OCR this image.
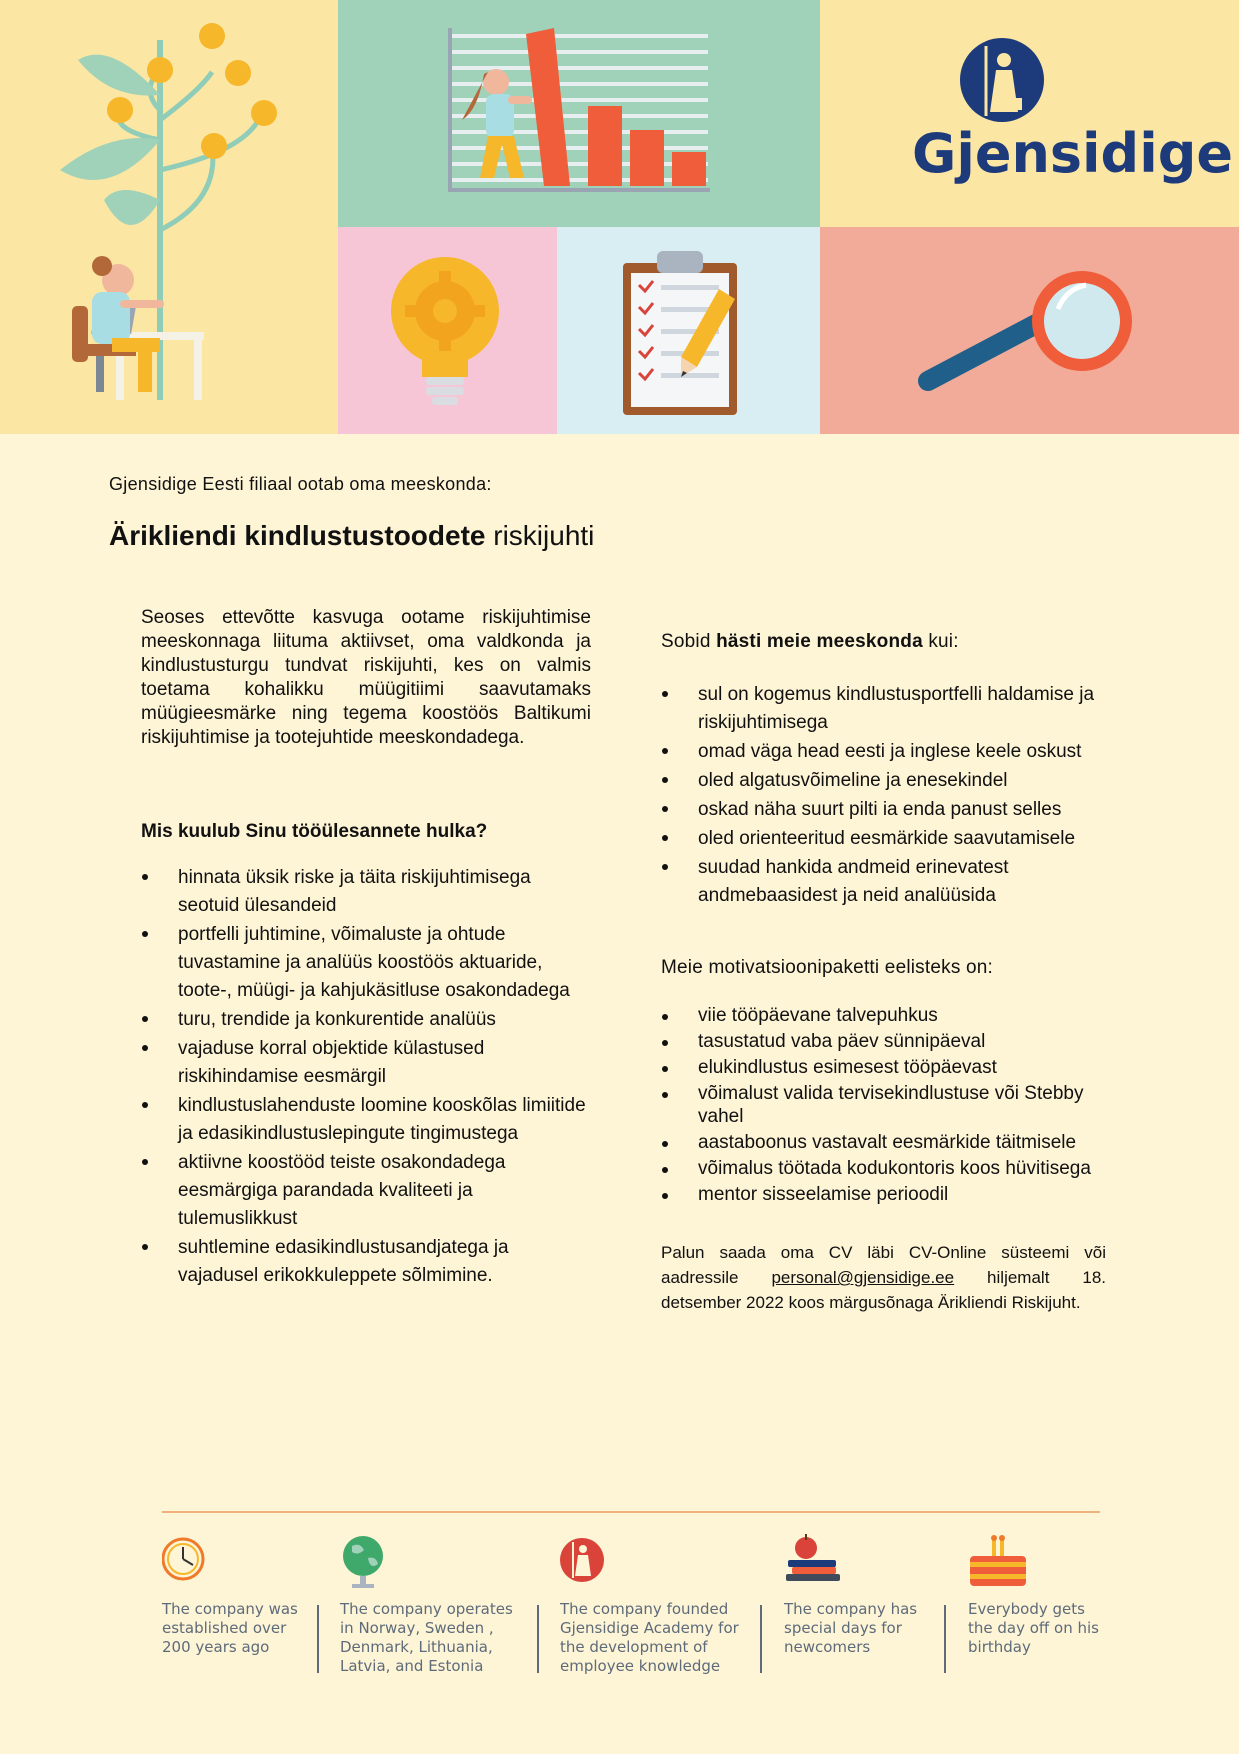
Gjensidige
Gjensidige Eesti filiaal ootab oma meeskonda:
Ärikliendi kindlustustoodete riskijuhti

Seoses ettevõtte kasvuga ootame riskijuhtimise meeskonnaga liituma aktiivset, oma valdkonda ja kindlustusturgu tundvat riskijuhti, kes on valmis toetama kohalikku müügitiimi saavutamaks müügieesmärke ning tegema koostöös Baltikumi riskijuhtimise ja tootejuhtide meeskondadega.

Mis kuulub Sinu tööülesannete hulka?

hinnata üksik riske ja täita riskijuhtimisega seotuid ülesandeid
portfelli juhtimine, võimaluste ja ohtude tuvastamine ja analüüs koostöös aktuaride, toote-, müügi- ja kahjukäsitluse osakondadega
turu, trendide ja konkurentide analüüs
vajaduse korral objektide külastused riskihindamise eesmärgil
kindlustuslahenduste loomine kooskõlas limiitide ja edasikindlustuslepingute tingimustega
aktiivne koostööd teiste osakondadega eesmärgiga parandada kvaliteeti ja tulemuslikkust
suhtlemine edasikindlustusandjatega ja vajadusel erikokkuleppete sõlmimine.

Sobid hästi meie meeskonda kui:

sul on kogemus kindlustusportfelli haldamise ja riskijuhtimisega
omad väga head eesti ja inglese keele oskust
oled algatusvõimeline ja enesekindel
oskad näha suurt pilti ia enda panust selles
oled orienteeritud eesmärkide saavutamisele
suudad hankida andmeid erinevatest andmebaasidest ja neid analüüsida

Meie motivatsioonipaketti eelisteks on:

viie tööpäevane talvepuhkus
tasustatud vaba päev sünnipäeval
elukindlustus esimesest tööpäevast
võimalust valida tervisekindlustuse või Stebby vahel
aastaboonus vastavalt eesmärkide täitmisele
võimalus töötada kodukontoris koos hüvitisega
mentor sisseelamise perioodil

Palun saada oma CV läbi CV-Online süsteemi või aadressile personal@gjensidige.ee hiljemalt 18. detsember 2022 koos märgusõnaga Ärikliendi Riskijuht.

The company was established over 200 years ago
The company operates in Norway, Sweden , Denmark, Lithuania, Latvia, and Estonia
The company founded Gjensidige Academy for the development of employee knowledge
The company has special days for newcomers
Everybody gets the day off on his birthday
